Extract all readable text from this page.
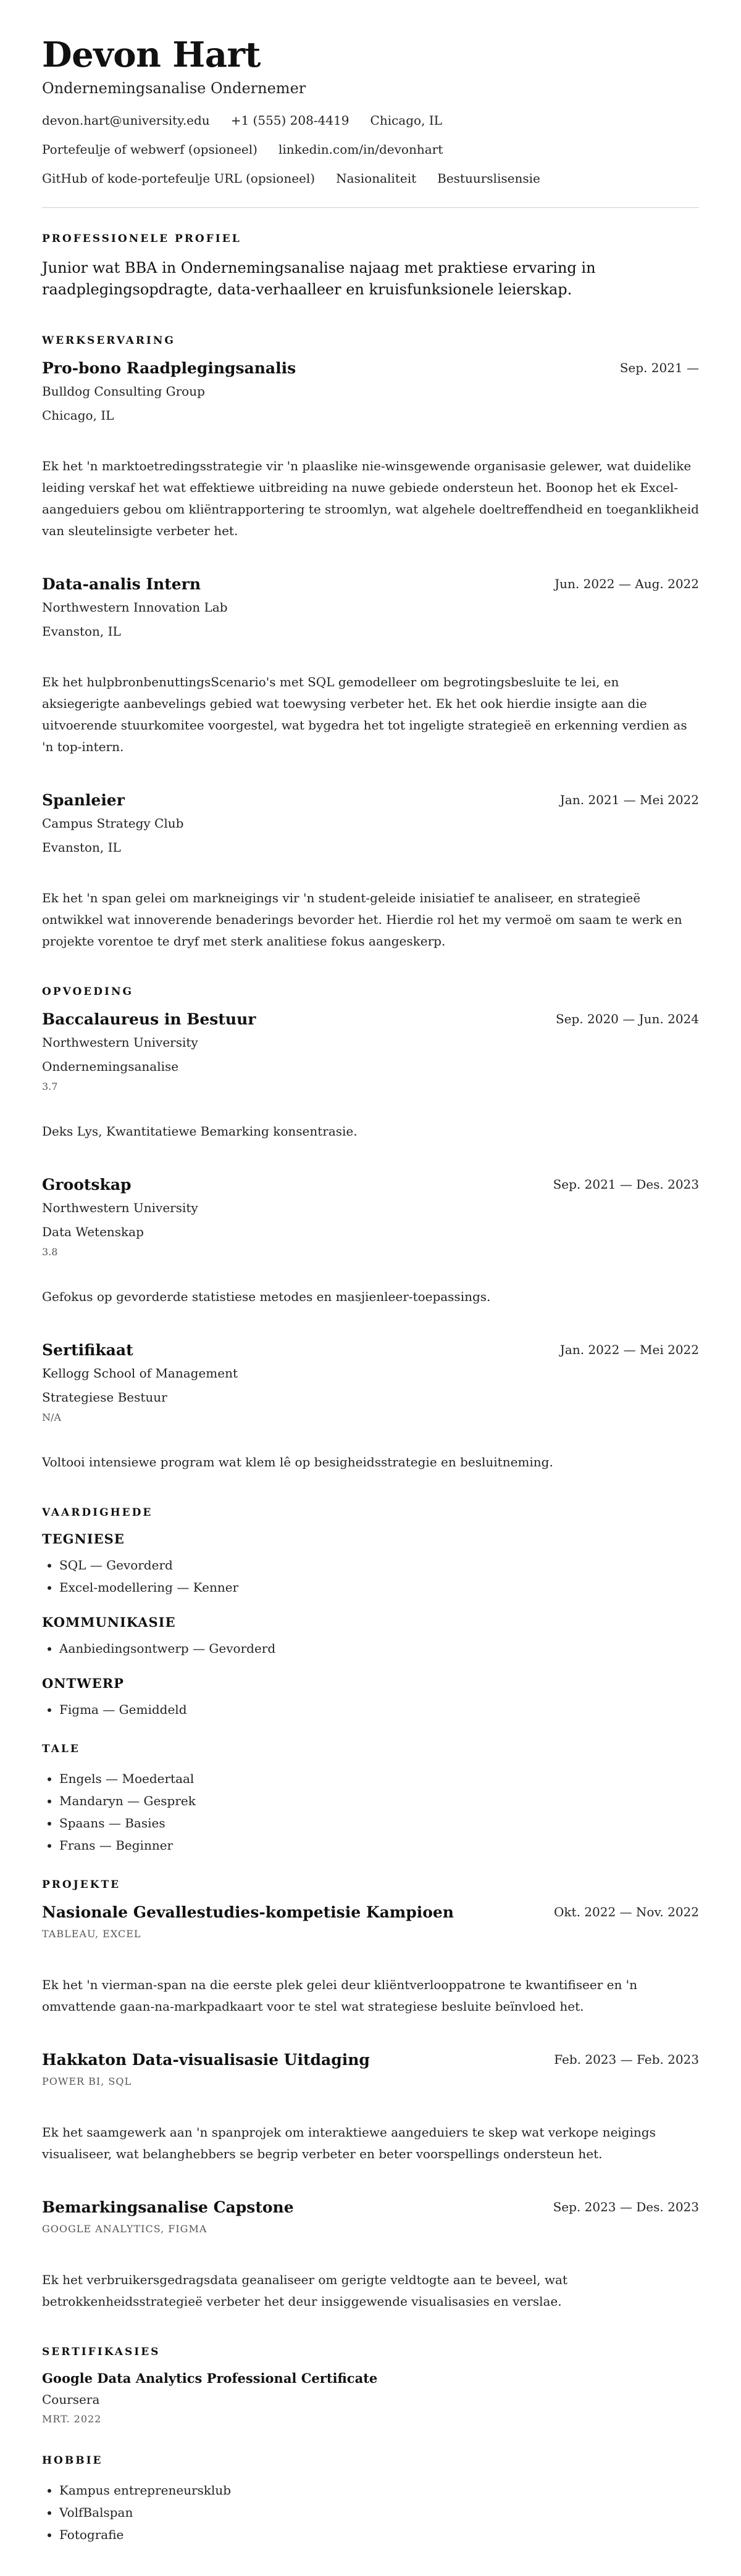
Devon Hart
Ondernemingsanalise Ondernemer
devon.hart@university.edu +1 (555) 208-4419 Chicago, IL
Portefeulje of webwerf (opsioneel) linkedin.com/in/devonhart
GitHub of kode-portefeulje URL (opsioneel) Nasionaliteit Bestuurslisensie
PROFESSIONELE PROFIEL

Junior wat BBA in Ondernemingsanalise najaag met praktiese ervaring in raadplegingsopdragte, data-verhaalleer en kruisfunksionele leierskap.

WERKSERVARING
Pro-bono Raadplegingsanalis	Sep. 2021 —
Bulldog Consulting Group
Chicago, IL

Ek het 'n marktoetredingsstrategie vir 'n plaaslike nie-winsgewende organisasie gelewer, wat duidelike leiding verskaf het wat effektiewe uitbreiding na nuwe gebiede ondersteun het. Boonop het ek Excel-aangeduiers gebou om kliëntrapportering te stroomlyn, wat algehele doeltreffendheid en toeganklikheid van sleutelinsigte verbeter het.

Data-analis Intern	Jun. 2022 — Aug. 2022
Northwestern Innovation Lab
Evanston, IL

Ek het hulpbronbenuttingsScenario's met SQL gemodelleer om begrotingsbesluite te lei, en aksiegerigte aanbevelings gebied wat toewysing verbeter het. Ek het ook hierdie insigte aan die uitvoerende stuurkomitee voorgestel, wat bygedra het tot ingeligte strategieë en erkenning verdien as 'n top-intern.

Spanleier	Jan. 2021 — Mei 2022
Campus Strategy Club
Evanston, IL

Ek het 'n span gelei om markneigings vir 'n student-geleide inisiatief te analiseer, en strategieë ontwikkel wat innoverende benaderings bevorder het. Hierdie rol het my vermoë om saam te werk en projekte vorentoe te dryf met sterk analitiese fokus aangeskerp.

OPVOEDING
Baccalaureus in Bestuur	Sep. 2020 — Jun. 2024
Northwestern University
Ondernemingsanalise
3.7

Deks Lys, Kwantitatiewe Bemarking konsentrasie.

Grootskap	Sep. 2021 — Des. 2023
Northwestern University
Data Wetenskap
3.8

Gefokus op gevorderde statistiese metodes en masjienleer-toepassings.

Sertifikaat	Jan. 2022 — Mei 2022
Kellogg School of Management
Strategiese Bestuur
N/A

Voltooi intensiewe program wat klem lê op besigheidsstrategie en besluitneming.

VAARDIGHEDE
TEGNIESE
• SQL — Gevorderd
• Excel-modellering — Kenner
KOMMUNIKASIE
• Aanbiedingsontwerp — Gevorderd
ONTWERP
• Figma — Gemiddeld
TALE
• Engels — Moedertaal
• Mandaryn — Gesprek
• Spaans — Basies
• Frans — Beginner
PROJEKTE
Nasionale Gevallestudies-kompetisie Kampioen	Okt. 2022 — Nov. 2022
TABLEAU, EXCEL

Ek het 'n vierman-span na die eerste plek gelei deur kliëntverlooppatrone te kwantifiseer en 'n omvattende gaan-na-markpadkaart voor te stel wat strategiese besluite beïnvloed het.

Hakkaton Data-visualisasie Uitdaging	Feb. 2023 — Feb. 2023
POWER BI, SQL

Ek het saamgewerk aan 'n spanprojek om interaktiewe aangeduiers te skep wat verkope neigings visualiseer, wat belanghebbers se begrip verbeter en beter voorspellings ondersteun het.

Bemarkingsanalise Capstone	Sep. 2023 — Des. 2023
GOOGLE ANALYTICS, FIGMA

Ek het verbruikersgedragsdata geanaliseer om gerigte veldtogte aan te beveel, wat betrokkenheidsstrategieë verbeter het deur insiggewende visualisasies en verslae.

SERTIFIKASIES
Google Data Analytics Professional Certificate
Coursera
MRT. 2022
HOBBIE
• Kampus entrepreneursklub
• VolfBalspan
• Fotografie
